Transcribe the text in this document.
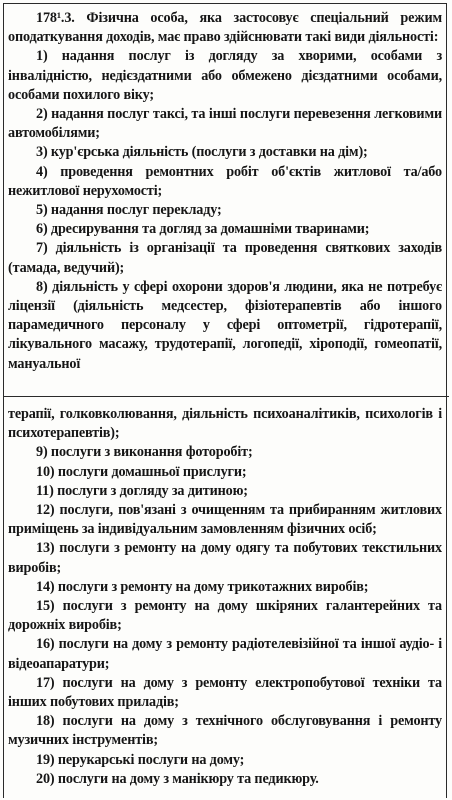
178¹.3. Фізична особа, яка застосовує спеціальний режим оподаткування доходів, має право здійснювати такі види діяльності:

1) надання послуг із догляду за хворими, особами з інвалідністю, недієздатними або обмежено дієздатними особами, особами похилого віку;

2) надання послуг таксі, та інші послуги перевезення легковими автомобілями;

3) кур'єрська діяльність (послуги з доставки на дім);

4) проведення ремонтних робіт об'єктів житлової та/або нежитлової нерухомості;

5) надання послуг перекладу;

6) дресирування та догляд за домашніми тваринами;

7) діяльність із організації та проведення святкових заходів (тамада, ведучий);

8) діяльність у сфері охорони здоров'я людини, яка не потребує ліцензії (діяльність медсестер, фізіотерапевтів або іншого парамедичного персоналу у сфері оптометрії, гідротерапії, лікувального масажу, трудотерапії, логопедії, хіроподії, гомеопатії, мануальної

терапії, голковколювання, діяльність психоаналітиків, психологів і психотерапевтів);

9) послуги з виконання фоторобіт;

10) послуги домашньої прислуги;

11) послуги з догляду за дитиною;

12) послуги, пов'язані з очищенням та прибиранням житлових приміщень за індивідуальним замовленням фізичних осіб;

13) послуги з ремонту на дому одягу та побутових текстильних виробів;

14) послуги з ремонту на дому трикотажних виробів;

15) послуги з ремонту на дому шкіряних галантерейних та дорожніх виробів;

16) послуги на дому з ремонту радіотелевізійної та іншої аудіо- і відеоапаратури;

17) послуги на дому з ремонту електропобутової техніки та інших побутових приладів;

18) послуги на дому з технічного обслуговування і ремонту музичних інструментів;

19) перукарські послуги на дому;

20) послуги на дому з манікюру та педикюру.
